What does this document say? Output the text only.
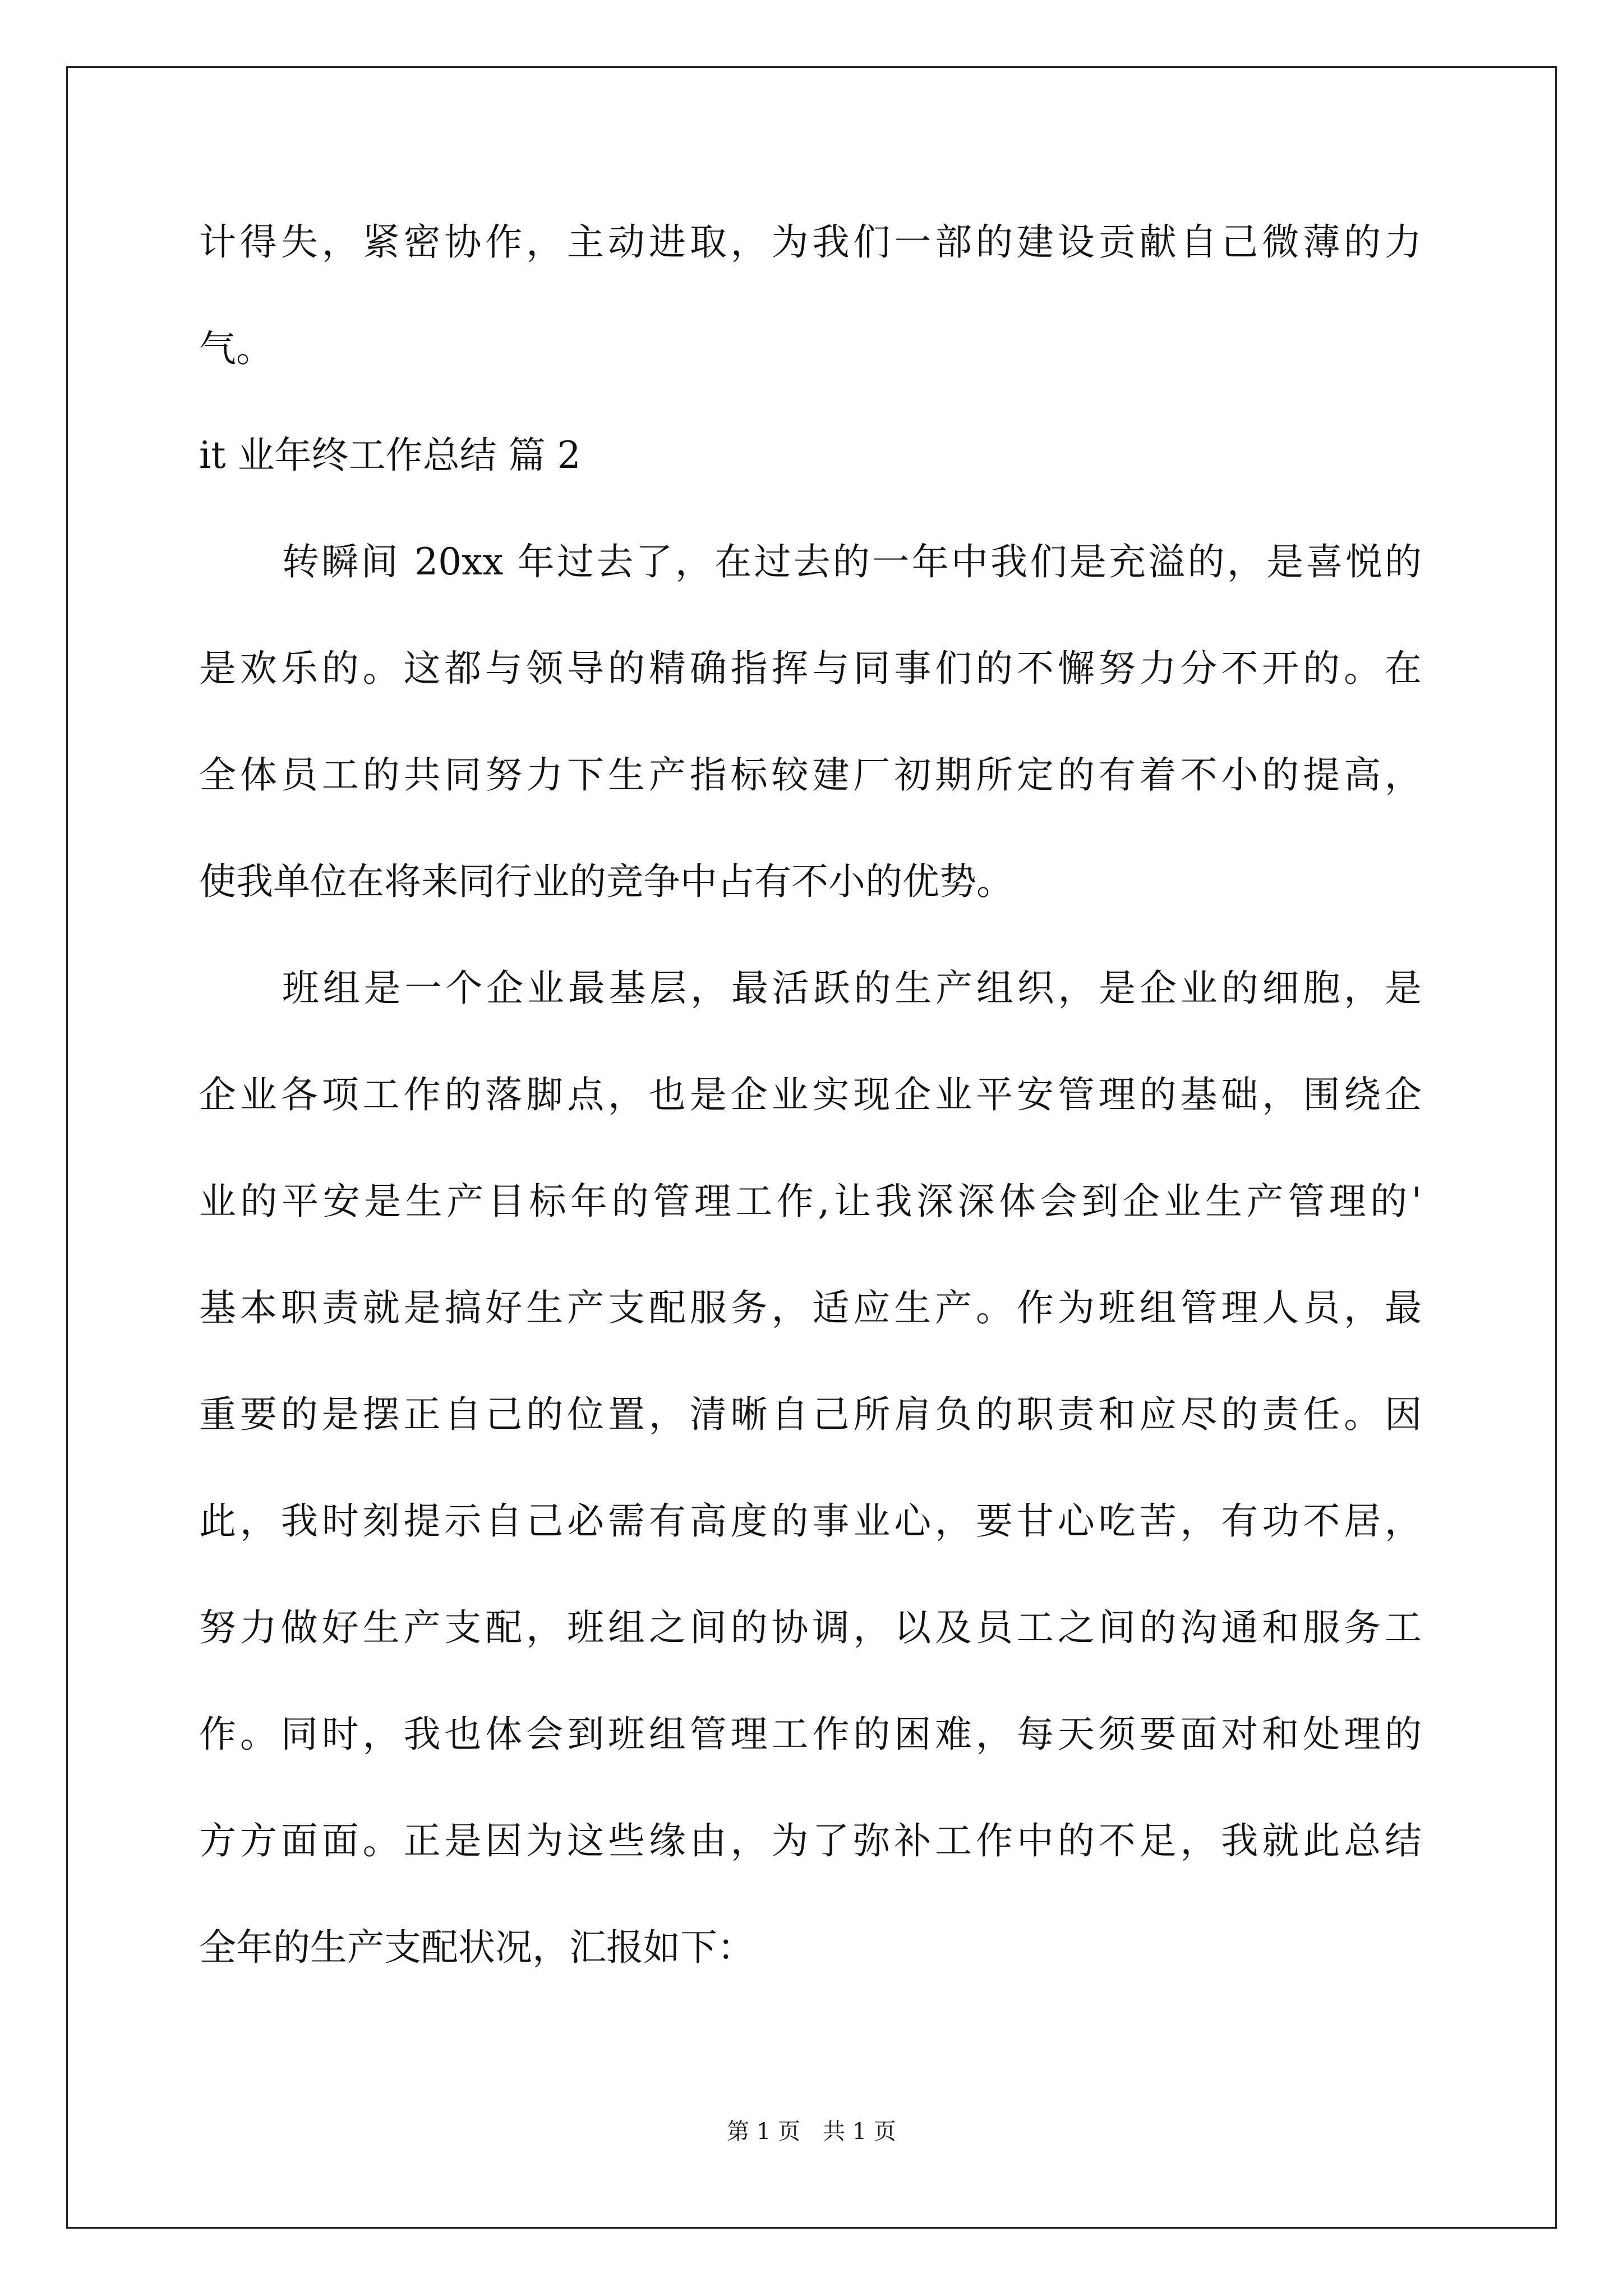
计得失，紧密协作，主动进取，为我们一部的建设贡献自己微薄的力
气。
it 业年终工作总结 篇 2
转瞬间 20xx 年过去了，在过去的一年中我们是充溢的，是喜悦的
是欢乐的。这都与领导的精确指挥与同事们的不懈努力分不开的。在
全体员工的共同努力下生产指标较建厂初期所定的有着不小的提高，
使我单位在将来同行业的竞争中占有不小的优势。
班组是一个企业最基层，最活跃的生产组织，是企业的细胞，是
企业各项工作的落脚点，也是企业实现企业平安管理的基础，围绕企
业的平安是生产目标年的管理工作,让我深深体会到企业生产管理的'
基本职责就是搞好生产支配服务，适应生产。作为班组管理人员，最
重要的是摆正自己的位置，清晰自己所肩负的职责和应尽的责任。因
此，我时刻提示自己必需有高度的事业心，要甘心吃苦，有功不居，
努力做好生产支配，班组之间的协调，以及员工之间的沟通和服务工
作。同时，我也体会到班组管理工作的困难，每天须要面对和处理的
方方面面。正是因为这些缘由，为了弥补工作中的不足，我就此总结
全年的生产支配状况，汇报如下：
第 1 页　共 1 页
